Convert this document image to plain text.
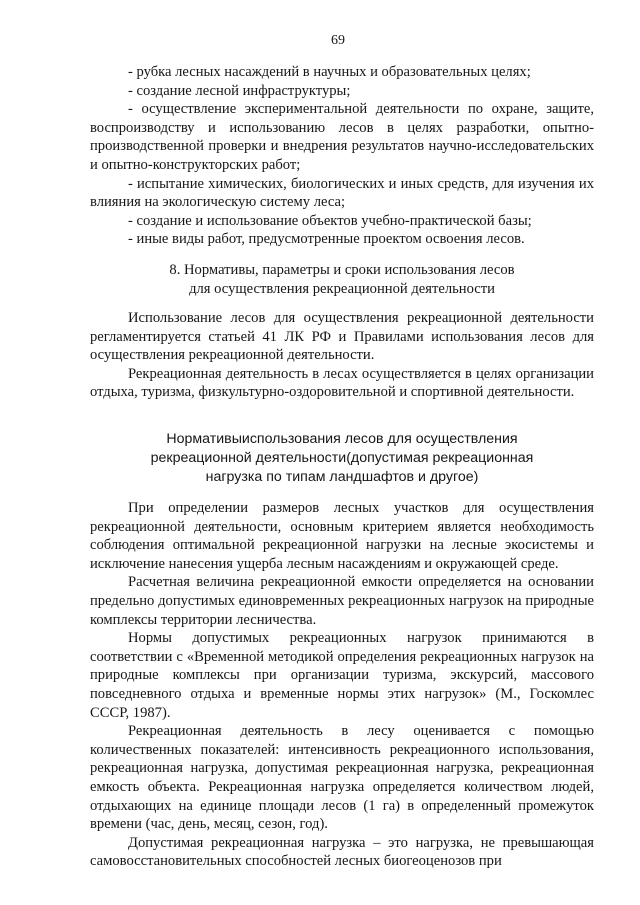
69

- рубка лесных насаждений в научных и образовательных целях;

- создание лесной инфраструктуры;

- осуществление экспериментальной деятельности по охране, защите, воспроизводству и использованию лесов в целях разработки, опытно-производственной проверки и внедрения результатов научно-исследовательских и опытно-конструкторских работ;

- испытание химических, биологических и иных средств, для изучения их влияния на экологическую систему леса;

- создание и использование объектов учебно-практической базы;

- иные виды работ, предусмотренные проектом освоения лесов.

8. Нормативы, параметры и сроки использования лесов
для осуществления рекреационной деятельности

Использование лесов для осуществления рекреационной деятельности регламентируется статьей 41 ЛК РФ и Правилами использования лесов для осуществления рекреационной деятельности.

Рекреационная деятельность в лесах осуществляется в целях организации отдыха, туризма, физкультурно-оздоровительной и спортивной деятельности.

Нормативыиспользования лесов для осуществления
рекреационной деятельности(допустимая рекреационная
нагрузка по типам ландшафтов и другое)

При определении размеров лесных участков для осуществления рекреационной деятельности, основным критерием является необходимость соблюдения оптимальной рекреационной нагрузки на лесные экосистемы и исключение нанесения ущерба лесным насаждениям и окружающей среде.

Расчетная величина рекреационной емкости определяется на основании предельно допустимых единовременных рекреационных нагрузок на природные комплексы территории лесничества.

Нормы допустимых рекреационных нагрузок принимаются в соответствии с «Временной методикой определения рекреационных нагрузок на природные комплексы при организации туризма, экскурсий, массового повседневного отдыха и временные нормы этих нагрузок» (М., Госкомлес СССР, 1987).

Рекреационная деятельность в лесу оценивается с помощью количественных показателей: интенсивность рекреационного использования, рекреационная нагрузка, допустимая рекреационная нагрузка, рекреационная емкость объекта. Рекреационная нагрузка определяется количеством людей, отдыхающих на единице площади лесов (1 га) в определенный промежуток времени (час, день, месяц, сезон, год).

Допустимая рекреационная нагрузка – это нагрузка, не превышающая самовосстановительных способностей лесных биогеоценозов при
